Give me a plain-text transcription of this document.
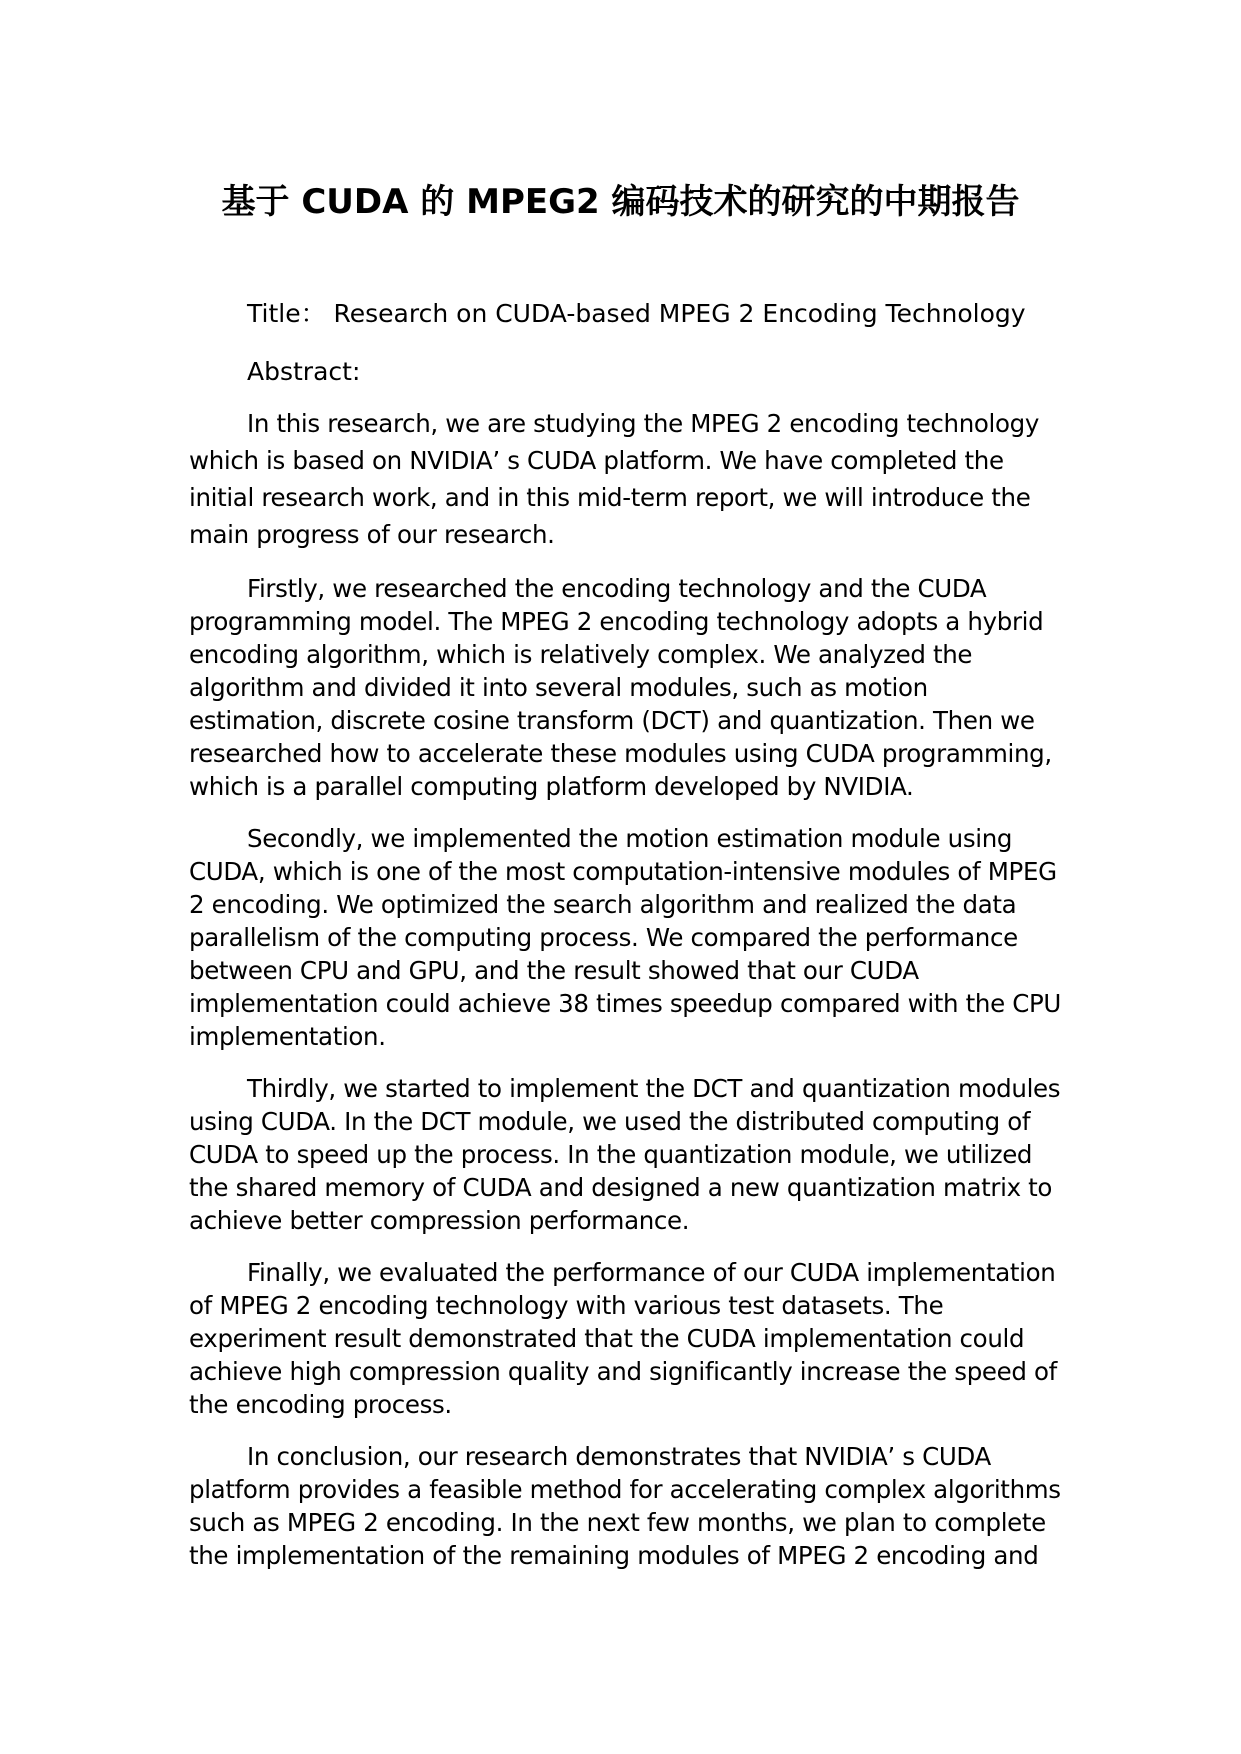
基于 CUDA 的 MPEG2 编码技术的研究的中期报告

Title： Research on CUDA-based MPEG 2 Encoding Technology

Abstract:

In this research, we are studying the MPEG 2 encoding technology which is based on NVIDIA’ s CUDA platform. We have completed the initial research work, and in this mid-term report, we will introduce the main progress of our research.

Firstly, we researched the encoding technology and the CUDA programming model. The MPEG 2 encoding technology adopts a hybrid encoding algorithm, which is relatively complex. We analyzed the algorithm and divided it into several modules, such as motion estimation, discrete cosine transform (DCT) and quantization. Then we researched how to accelerate these modules using CUDA programming, which is a parallel computing platform developed by NVIDIA.

Secondly, we implemented the motion estimation module using CUDA, which is one of the most computation-intensive modules of MPEG 2 encoding. We optimized the search algorithm and realized the data parallelism of the computing process. We compared the performance between CPU and GPU, and the result showed that our CUDA implementation could achieve 38 times speedup compared with the CPU implementation.

Thirdly, we started to implement the DCT and quantization modules using CUDA. In the DCT module, we used the distributed computing of CUDA to speed up the process. In the quantization module, we utilized the shared memory of CUDA and designed a new quantization matrix to achieve better compression performance.

Finally, we evaluated the performance of our CUDA implementation of MPEG 2 encoding technology with various test datasets. The experiment result demonstrated that the CUDA implementation could achieve high compression quality and significantly increase the speed of the encoding process.

In conclusion, our research demonstrates that NVIDIA’ s CUDA platform provides a feasible method for accelerating complex algorithms such as MPEG 2 encoding. In the next few months, we plan to complete the implementation of the remaining modules of MPEG 2 encoding and
